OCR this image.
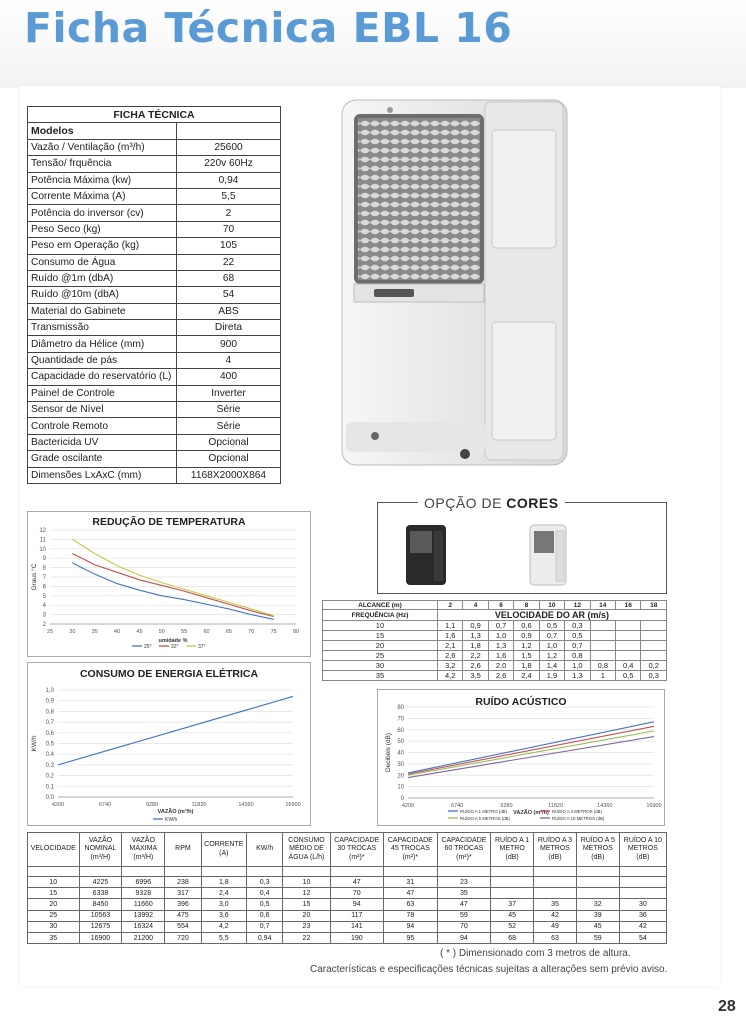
Ficha Técnica EBL 16
FICHA TÉCNICA	
Modelos	
Vazão / Ventilação (m³/h)	25600
Tensão/ frquência	220v 60Hz
Potência Máxima (kw)	0,94
Corrente Máxima (A)	5,5
Potência do inversor (cv)	2
Peso Seco (kg)	70
Peso em Operação (kg)	105
Consumo de Água	22
Ruído @1m (dbA)	68
Ruído @10m (dbA)	54
Material do Gabinete	ABS
Transmissão	Direta
Diâmetro da Hélice (mm)	900
Quantidade de pás	4
Capacidade do reservatório (L)	400
Painel de Controle	Inverter
Sensor de Nível	Série
Controle Remoto	Série
Bactericida UV	Opcional
Grade oscilante	Opcional
Dimensões LxAxC (mm)	1168X2000X864
OPÇÃO DE CORES
ALCANCE (m)	2	4	6	8	10	12	14	16	18
FREQUÊNCIA (Hz)	VELOCIDADE DO AR (m/s)								
10	1,1	0,9	0,7	0,6	0,5	0,3			
15	1,6	1,3	1,0	0,9	0,7	0,5			
20	2,1	1,8	1,3	1,2	1,0	0,7			
25	2,6	2,2	1,6	1,5	1,2	0,8			
30	3,2	2,6	2,0	1,8	1,4	1,0	0,8	0,4	0,2
35	4,2	3,5	2,6	2,4	1,9	1,3	1	0,5	0,3
REDUÇÃO DE TEMPERATURA
2
3
4
5
6
7
8
9
10
11
12
25	30	35	40	45	50	55	60	65	70	75	80
umidade %
Graus °C
25°	32°	37°
CONSUMO DE ENERGIA ELÉTRICA
0,0
0,1
0,2
0,3
0,4
0,5
0,6
0,7
0,8
0,9
1,0
4200	6740	9280	11820	14360	16900
VAZÃO (m³/h)
KW/h
KW/h
RUÍDO ACÚSTICO
0
10
20
30
40
50
60
70
80
4200	6740	9280	11820	14360	16900
VAZÃO (m³/h)
Decibéis (dB)
RUÍDO A 1 METRO (dB)	RUÍDO A 3 METROS (dB)
RUÍDO A 5 METROS (dB)	RUÍDO A 10 METROS (dB)
VELOCIDADE	VAZÃO NOMINAL (m³/H)	VAZÃO MÁXIMA (m³/H)	RPM	CORRENTE (A)	KW/h	CONSUMO MÉDIO DE ÁGUA (L/h)	CAPACIDADE 30 TROCAS (m²)*	CAPACIDADE 45 TROCAS (m²)*	CAPACIDADE 60 TROCAS (m²)*	RUÍDO A 1 METRO (dB)	RUÍDO A 3 METROS (dB)	RUÍDO A 5 METROS (dB)	RUÍDO A 10 METROS (dB)

10	4225	6996	238	1,8	0,3	10	47	31	23				
15	6338	9328	317	2,4	0,4	12	70	47	35				
20	8450	11660	396	3,0	0,5	15	94	63	47	37	35	32	30
25	10563	13992	475	3,6	0,6	20	117	78	59	45	42	39	36
30	12675	16324	554	4,2	0,7	23	141	94	70	52	49	45	42
35	16900	21200	720	5,5	0,94	22	190	95	94	68	63	59	54
( * ) Dimensionado com 3 metros de altura.
Características e especificações técnicas sujeitas a alterações sem prévio aviso.
28
